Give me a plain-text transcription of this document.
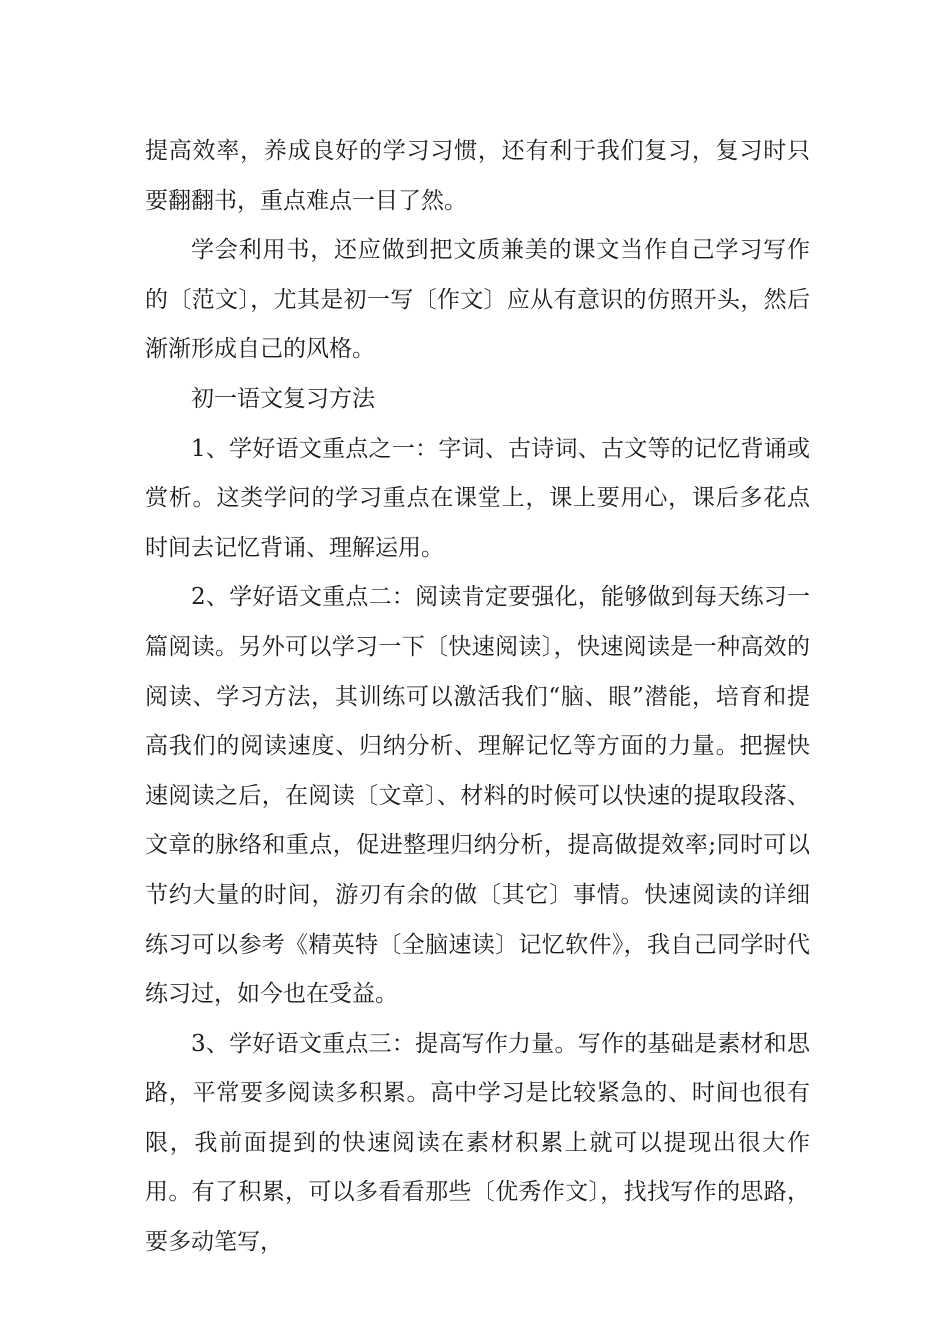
提高效率，养成良好的学习习惯，还有利于我们复习，复习时只要翻翻书，重点难点一目了然。

学会利用书，还应做到把文质兼美的课文当作自己学习写作的〔范文〕，尤其是初一写〔作文〕应从有意识的仿照开头，然后渐渐形成自己的风格。

初一语文复习方法

1、学好语文重点之一：字词、古诗词、古文等的记忆背诵或赏析。这类学问的学习重点在课堂上，课上要用心，课后多花点时间去记忆背诵、理解运用。

2、学好语文重点二：阅读肯定要强化，能够做到每天练习一篇阅读。另外可以学习一下〔快速阅读〕，快速阅读是一种高效的阅读、学习方法，其训练可以激活我们“脑、眼”潜能，培育和提高我们的阅读速度、归纳分析、理解记忆等方面的力量。把握快速阅读之后，在阅读〔文章〕、材料的时候可以快速的提取段落、文章的脉络和重点，促进整理归纳分析，提高做提效率;同时可以节约大量的时间，游刃有余的做〔其它〕事情。快速阅读的详细练习可以参考《精英特〔全脑速读〕记忆软件》，我自己同学时代练习过，如今也在受益。

3、学好语文重点三：提高写作力量。写作的基础是素材和思路，平常要多阅读多积累。高中学习是比较紧急的、时间也很有限，我前面提到的快速阅读在素材积累上就可以提现出很大作用。有了积累，可以多看看那些〔优秀作文〕，找找写作的思路，要多动笔写，
